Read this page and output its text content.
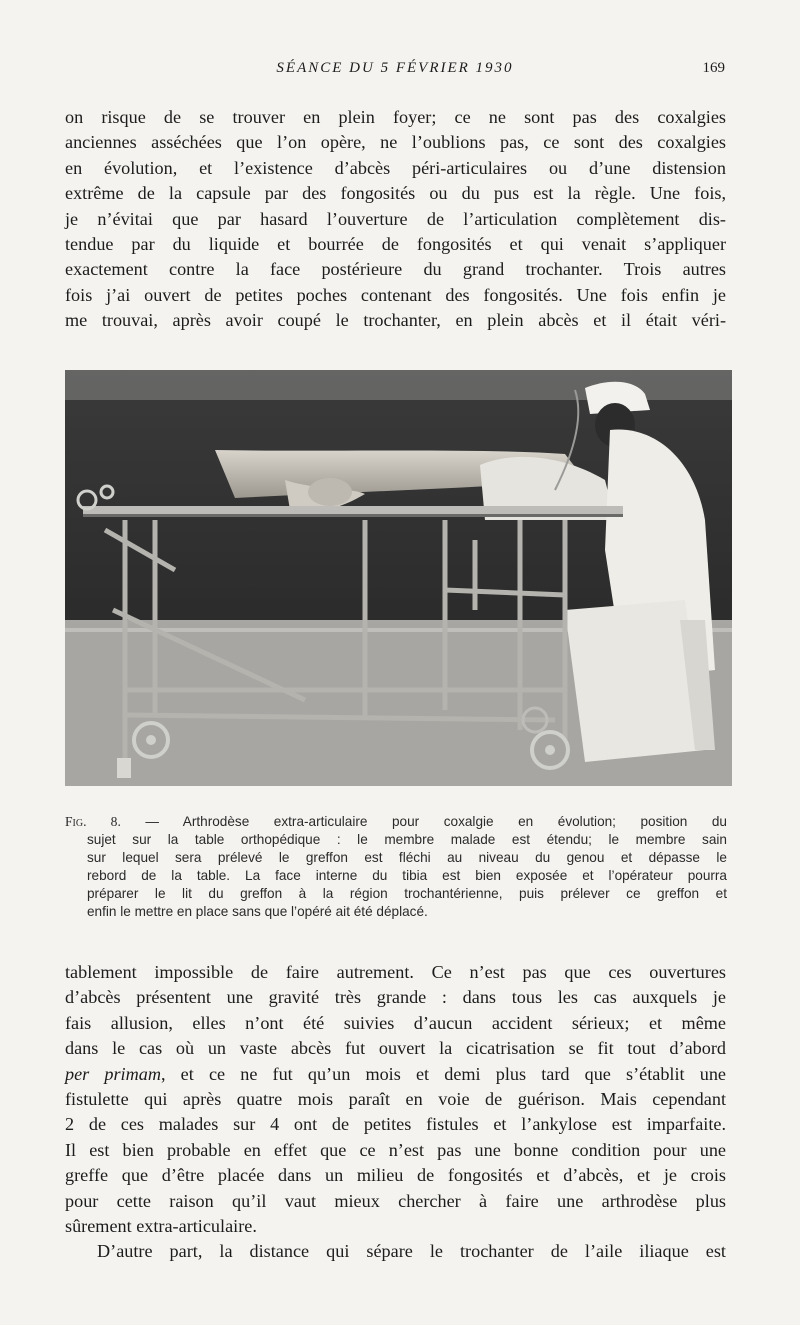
SÉANCE DU 5 FÉVRIER 1930	169
on risque de se trouver en plein foyer; ce ne sont pas des coxalgies
anciennes asséchées que l’on opère, ne l’oublions pas, ce sont des coxalgies
en évolution, et l’existence d’abcès péri-articulaires ou d’une distension
extrême de la capsule par des fongosités ou du pus est la règle. Une fois,
je n’évitai que par hasard l’ouverture de l’articulation complètement dis-
tendue par du liquide et bourrée de fongosités et qui venait s’appliquer
exactement contre la face postérieure du grand trochanter. Trois autres
fois j’ai ouvert de petites poches contenant des fongosités. Une fois enfin je
me trouvai, après avoir coupé le trochanter, en plein abcès et il était véri-
Fig. 8. — Arthrodèse extra-articulaire pour coxalgie en évolution; position du
sujet sur la table orthopédique : le membre malade est étendu; le membre sain
sur lequel sera prélevé le greffon est fléchi au niveau du genou et dépasse le
rebord de la table. La face interne du tibia est bien exposée et l’opérateur pourra
préparer le lit du greffon à la région trochantérienne, puis prélever ce greffon et
enfin le mettre en place sans que l’opéré ait été déplacé.
tablement impossible de faire autrement. Ce n’est pas que ces ouvertures
d’abcès présentent une gravité très grande : dans tous les cas auxquels je
fais allusion, elles n’ont été suivies d’aucun accident sérieux; et même
dans le cas où un vaste abcès fut ouvert la cicatrisation se fit tout d’abord
per primam, et ce ne fut qu’un mois et demi plus tard que s’établit une
fistulette qui après quatre mois paraît en voie de guérison. Mais cependant
2 de ces malades sur 4 ont de petites fistules et l’ankylose est imparfaite.
Il est bien probable en effet que ce n’est pas une bonne condition pour une
greffe que d’être placée dans un milieu de fongosités et d’abcès, et je crois
pour cette raison qu’il vaut mieux chercher à faire une arthrodèse plus
sûrement extra-articulaire.
D’autre part, la distance qui sépare le trochanter de l’aile iliaque est
